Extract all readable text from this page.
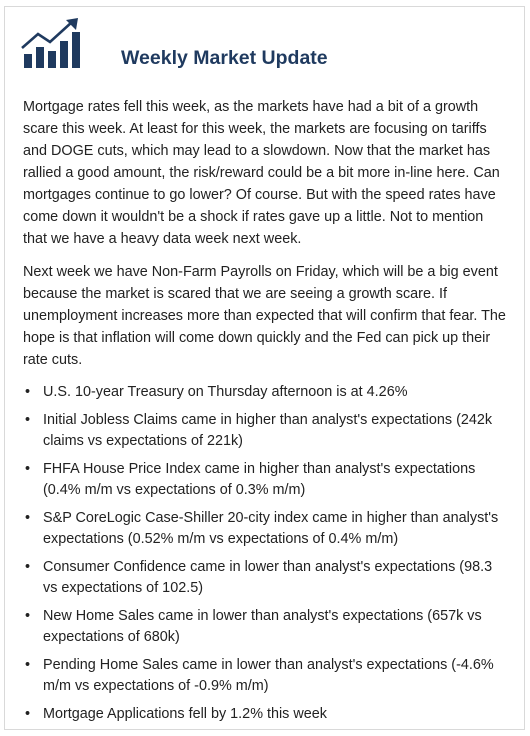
Weekly Market Update

Mortgage rates fell this week, as the markets have had a bit of a growth scare this week. At least for this week, the markets are focusing on tariffs and DOGE cuts, which may lead to a slowdown. Now that the market has rallied a good amount, the risk/reward could be a bit more in-line here. Can mortgages continue to go lower? Of course. But with the speed rates have come down it wouldn't be a shock if rates gave up a little. Not to mention that we have a heavy data week next week.

Next week we have Non-Farm Payrolls on Friday, which will be a big event because the market is scared that we are seeing a growth scare. If unemployment increases more than expected that will confirm that fear. The hope is that inflation will come down quickly and the Fed can pick up their rate cuts.

• U.S. 10-year Treasury on Thursday afternoon is at 4.26%
• Initial Jobless Claims came in higher than analyst's expectations (242k claims vs expectations of 221k)
• FHFA House Price Index came in higher than analyst's expectations (0.4% m/m vs expectations of 0.3% m/m)
• S&P CoreLogic Case-Shiller 20-city index came in higher than analyst's expectations (0.52% m/m vs expectations of 0.4% m/m)
• Consumer Confidence came in lower than analyst's expectations (98.3 vs expectations of 102.5)
• New Home Sales came in lower than analyst's expectations (657k vs expectations of 680k)
• Pending Home Sales came in lower than analyst's expectations (-4.6% m/m vs expectations of -0.9% m/m)
• Mortgage Applications fell by 1.2% this week
